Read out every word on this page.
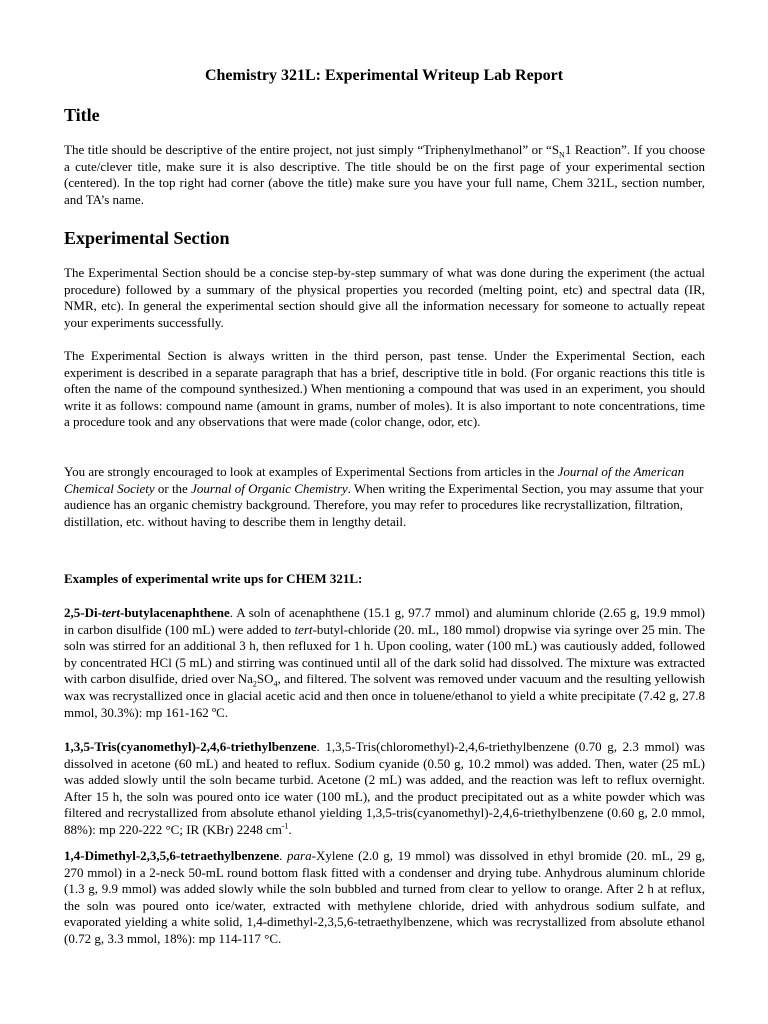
Chemistry 321L: Experimental Writeup Lab Report
Title

The title should be descriptive of the entire project, not just simply “Triphenylmethanol” or “$S_N1$ Reaction”. If you choose a cute/clever title, make sure it is also descriptive. The title should be on the first page of your experimental section (centered). In the top right had corner (above the title) make sure you have your full name, Chem 321L, section number, and TA’s name.

Experimental Section

The Experimental Section should be a concise step-by-step summary of what was done during the experiment (the actual procedure) followed by a summary of the physical properties you recorded (melting point, etc) and spectral data (IR, NMR, etc). In general the experimental section should give all the information necessary for someone to actually repeat your experiments successfully.

The Experimental Section is always written in the third person, past tense. Under the Experimental Section, each experiment is described in a separate paragraph that has a brief, descriptive title in bold. (For organic reactions this title is often the name of the compound synthesized.) When mentioning a compound that was used in an experiment, you should write it as follows: compound name (amount in grams, number of moles). It is also important to note concentrations, time a procedure took and any observations that were made (color change, odor, etc).

You are strongly encouraged to look at examples of Experimental Sections from articles in the Journal of the American Chemical Society or the Journal of Organic Chemistry. When writing the Experimental Section, you may assume that your audience has an organic chemistry background. Therefore, you may refer to procedures like recrystallization, filtration, distillation, etc. without having to describe them in lengthy detail.

Examples of experimental write ups for CHEM 321L:

2,5-Di-tert-butylacenaphthene. A soln of acenaphthene (15.1 g, 97.7 mmol) and aluminum chloride (2.65 g, 19.9 mmol) in carbon disulfide (100 mL) were added to tert-butyl-chloride (20. mL, 180 mmol) dropwise via syringe over 25 min. The soln was stirred for an additional 3 h, then refluxed for 1 h. Upon cooling, water (100 mL) was cautiously added, followed by concentrated HCl (5 mL) and stirring was continued until all of the dark solid had dissolved. The mixture was extracted with carbon disulfide, dried over $Na_2SO_4$, and filtered. The solvent was removed under vacuum and the resulting yellowish wax was recrystallized once in glacial acetic acid and then once in toluene/ethanol to yield a white precipitate (7.42 g, 27.8 mmol, 30.3%): mp 161-162 ºC.

1,3,5-Tris(cyanomethyl)-2,4,6-triethylbenzene. 1,3,5-Tris(chloromethyl)-2,4,6-triethylbenzene (0.70 g, 2.3 mmol) was dissolved in acetone (60 mL) and heated to reflux. Sodium cyanide (0.50 g, 10.2 mmol) was added. Then, water (25 mL) was added slowly until the soln became turbid. Acetone (2 mL) was added, and the reaction was left to reflux overnight. After 15 h, the soln was poured onto ice water (100 mL), and the product precipitated out as a white powder which was filtered and recrystallized from absolute ethanol yielding 1,3,5-tris(cyanomethyl)-2,4,6-triethylbenzene (0.60 g, 2.0 mmol, 88%): mp 220-222 °C; IR (KBr) 2248 $cm^{-1}$.

1,4-Dimethyl-2,3,5,6-tetraethylbenzene. para-Xylene (2.0 g, 19 mmol) was dissolved in ethyl bromide (20. mL, 29 g, 270 mmol) in a 2-neck 50-mL round bottom flask fitted with a condenser and drying tube. Anhydrous aluminum chloride (1.3 g, 9.9 mmol) was added slowly while the soln bubbled and turned from clear to yellow to orange. After 2 h at reflux, the soln was poured onto ice/water, extracted with methylene chloride, dried with anhydrous sodium sulfate, and evaporated yielding a white solid, 1,4-dimethyl-2,3,5,6-tetraethylbenzene, which was recrystallized from absolute ethanol (0.72 g, 3.3 mmol, 18%): mp 114-117 °C.
